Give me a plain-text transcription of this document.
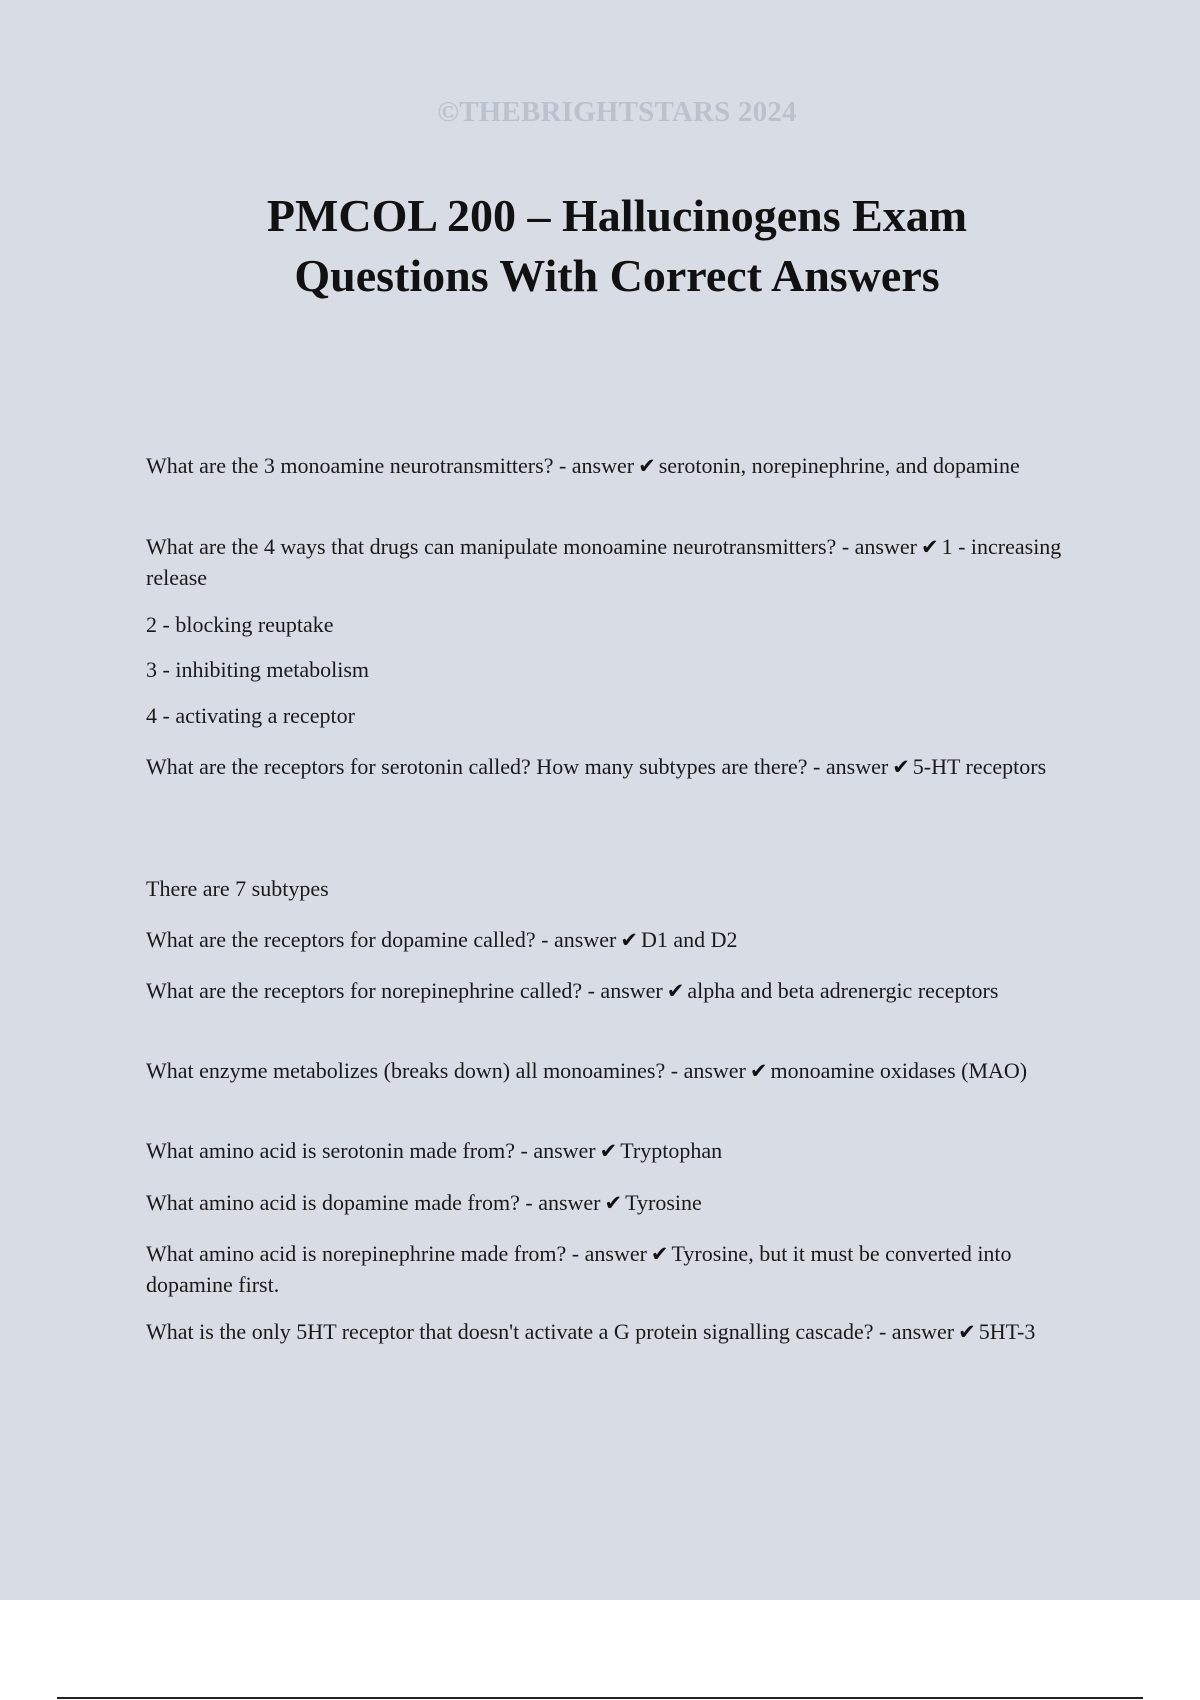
©THEBRIGHTSTARS 2024
PMCOL 200 – Hallucinogens Exam
Questions With Correct Answers

What are the 3 monoamine neurotransmitters? - answer ✔ serotonin, norepinephrine, and dopamine

What are the 4 ways that drugs can manipulate monoamine neurotransmitters? - answer ✔ 1 - increasing release

2 - blocking reuptake

3 - inhibiting metabolism

4 - activating a receptor

What are the receptors for serotonin called? How many subtypes are there? - answer ✔ 5-HT receptors

There are 7 subtypes

What are the receptors for dopamine called? - answer ✔ D1 and D2

What are the receptors for norepinephrine called? - answer ✔ alpha and beta adrenergic receptors

What enzyme metabolizes (breaks down) all monoamines? - answer ✔ monoamine oxidases (MAO)

What amino acid is serotonin made from? - answer ✔ Tryptophan

What amino acid is dopamine made from? - answer ✔ Tyrosine

What amino acid is norepinephrine made from? - answer ✔ Tyrosine, but it must be converted into dopamine first.

What is the only 5HT receptor that doesn't activate a G protein signalling cascade? - answer ✔ 5HT-3
